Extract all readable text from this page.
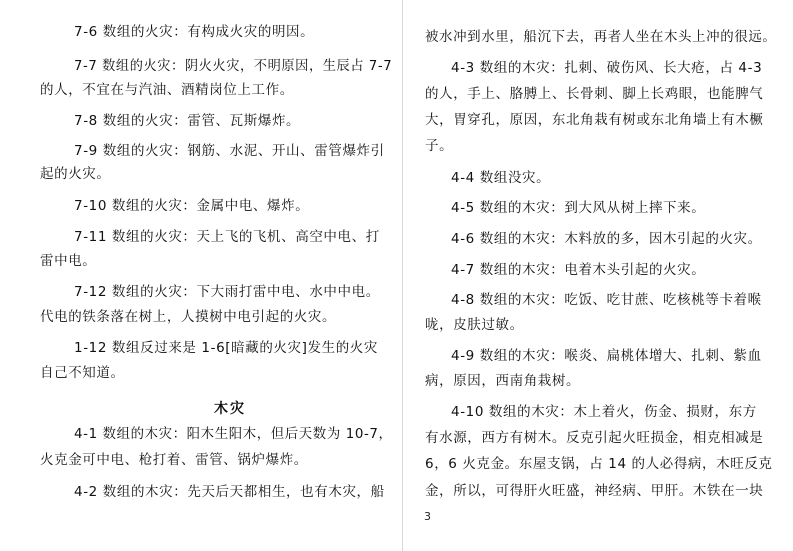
7-6 数组的火灾：有构成火灾的明因。
7-7 数组的火灾：阴火火灾，不明原因，生辰占 7-7
的人，不宜在与汽油、酒精岗位上工作。
7-8 数组的火灾：雷管、瓦斯爆炸。
7-9 数组的火灾：钢筋、水泥、开山、雷管爆炸引
起的火灾。
7-10 数组的火灾：金属中电、爆炸。
7-11 数组的火灾：天上飞的飞机、高空中电、打
雷中电。
7-12 数组的火灾：下大雨打雷中电、水中中电。
代电的铁条落在树上，人摸树中电引起的火灾。
1-12 数组反过来是 1-6[暗藏的火灾]发生的火灾
自己不知道。
木灾
4-1 数组的木灾：阳木生阳木，但后天数为 10-7，
火克金可中电、枪打着、雷管、锅炉爆炸。
4-2 数组的木灾：先天后天都相生，也有木灾，船
被水冲到水里，船沉下去，再者人坐在木头上冲的很远。
4-3 数组的木灾：扎刺、破伤风、长大疮，占 4-3
的人，手上、胳膊上、长骨刺、脚上长鸡眼，也能脾气
大，胃穿孔，原因，东北角栽有树或东北角墙上有木橛
子。
4-4 数组没灾。
4-5 数组的木灾：到大风从树上摔下来。
4-6 数组的木灾：木料放的多，因木引起的火灾。
4-7 数组的木灾：电着木头引起的火灾。
4-8 数组的木灾：吃饭、吃甘蔗、吃核桃等卡着喉
咙，皮肤过敏。
4-9 数组的木灾：喉炎、扁桃体增大、扎刺、紫血
病，原因，西南角栽树。
4-10 数组的木灾：木上着火，伤金、损财，东方
有水源，西方有树木。反克引起火旺损金，相克相减是
6，6 火克金。东屋支锅，占 14 的人必得病，木旺反克
金，所以，可得肝火旺盛，神经病、甲肝。木铁在一块
3
